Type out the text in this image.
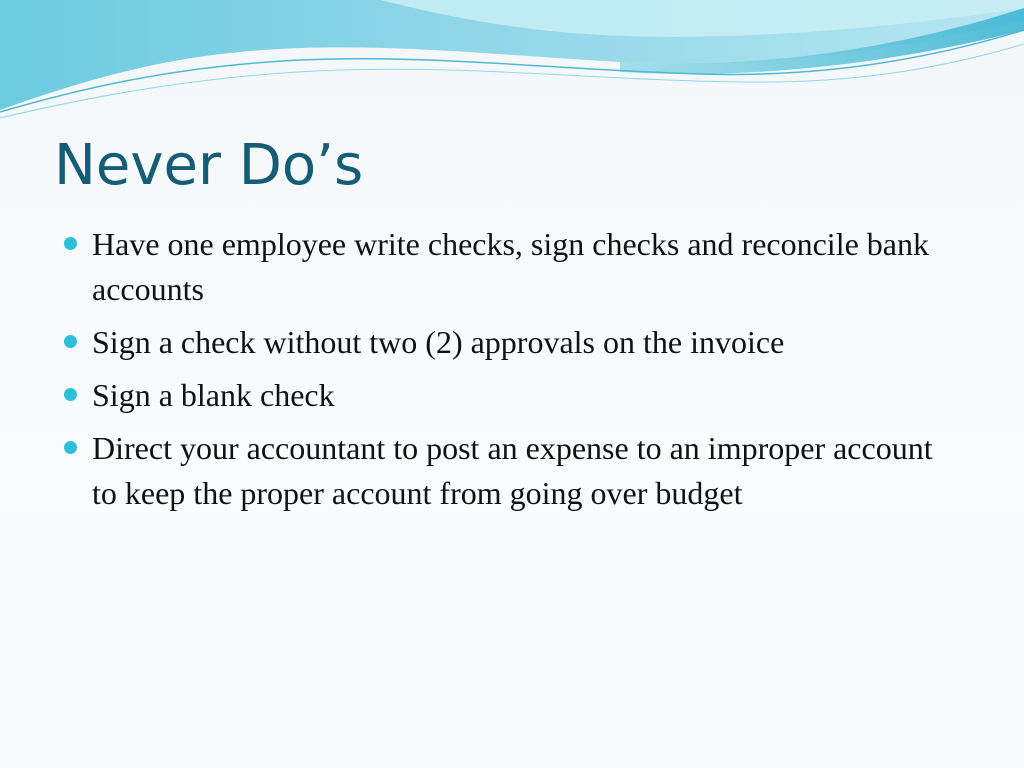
Never Do’s
Have one employee write checks, sign checks and reconcile bank accounts
Sign a check without two (2) approvals on the invoice
Sign a blank check
Direct your accountant to post an expense to an improper account to keep the proper account from going over budget
